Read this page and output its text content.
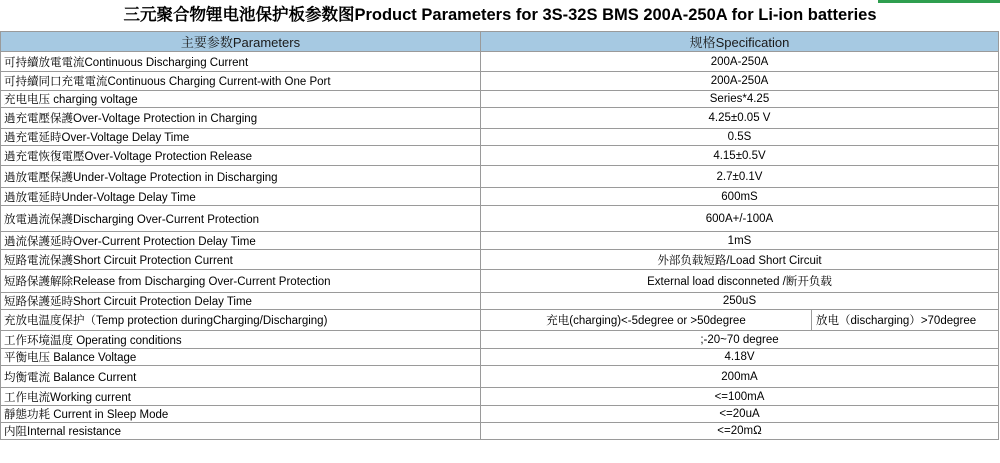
三元聚合物锂电池保护板参数图Product Parameters for 3S-32S BMS 200A-250A for Li-ion batteries
主要参数Parameters	规格Specification	
可持續放電電流Continuous Discharging Current	200A-250A	
可持續同口充電電流Continuous Charging Current-with One Port	200A-250A	
充电电压 charging voltage	Series*4.25	
過充電壓保護Over-Voltage Protection in Charging	4.25±0.05 V	
過充電延時Over-Voltage Delay Time	0.5S	
過充電恢復電壓Over-Voltage Protection Release	4.15±0.5V	
過放電壓保護Under-Voltage Protection in Discharging	2.7±0.1V	
過放電延時Under-Voltage Delay Time	600mS	
放電過流保護Discharging Over-Current Protection	600A+/-100A	
過流保護延時Over-Current Protection Delay Time	1mS	
短路電流保護Short Circuit Protection Current	外部负载短路/Load Short Circuit	
短路保護解除Release from Discharging Over-Current Protection	External load disconneted /断开负载	
短路保護延時Short Circuit Protection Delay Time	250uS	
充放电温度保护（Temp protection duringCharging/Discharging)	充电(charging)<-5degree or >50degree	放电（discharging）>70degree
工作环境温度 Operating conditions	;-20~70 degree	
平衡电压 Balance Voltage	4.18V	
均衡電流 Balance Current	200mA	
工作电流Working current	<=100mA	
靜態功耗 Current in Sleep Mode	<=20uA	
内阻Internal resistance	<=20mΩ	
